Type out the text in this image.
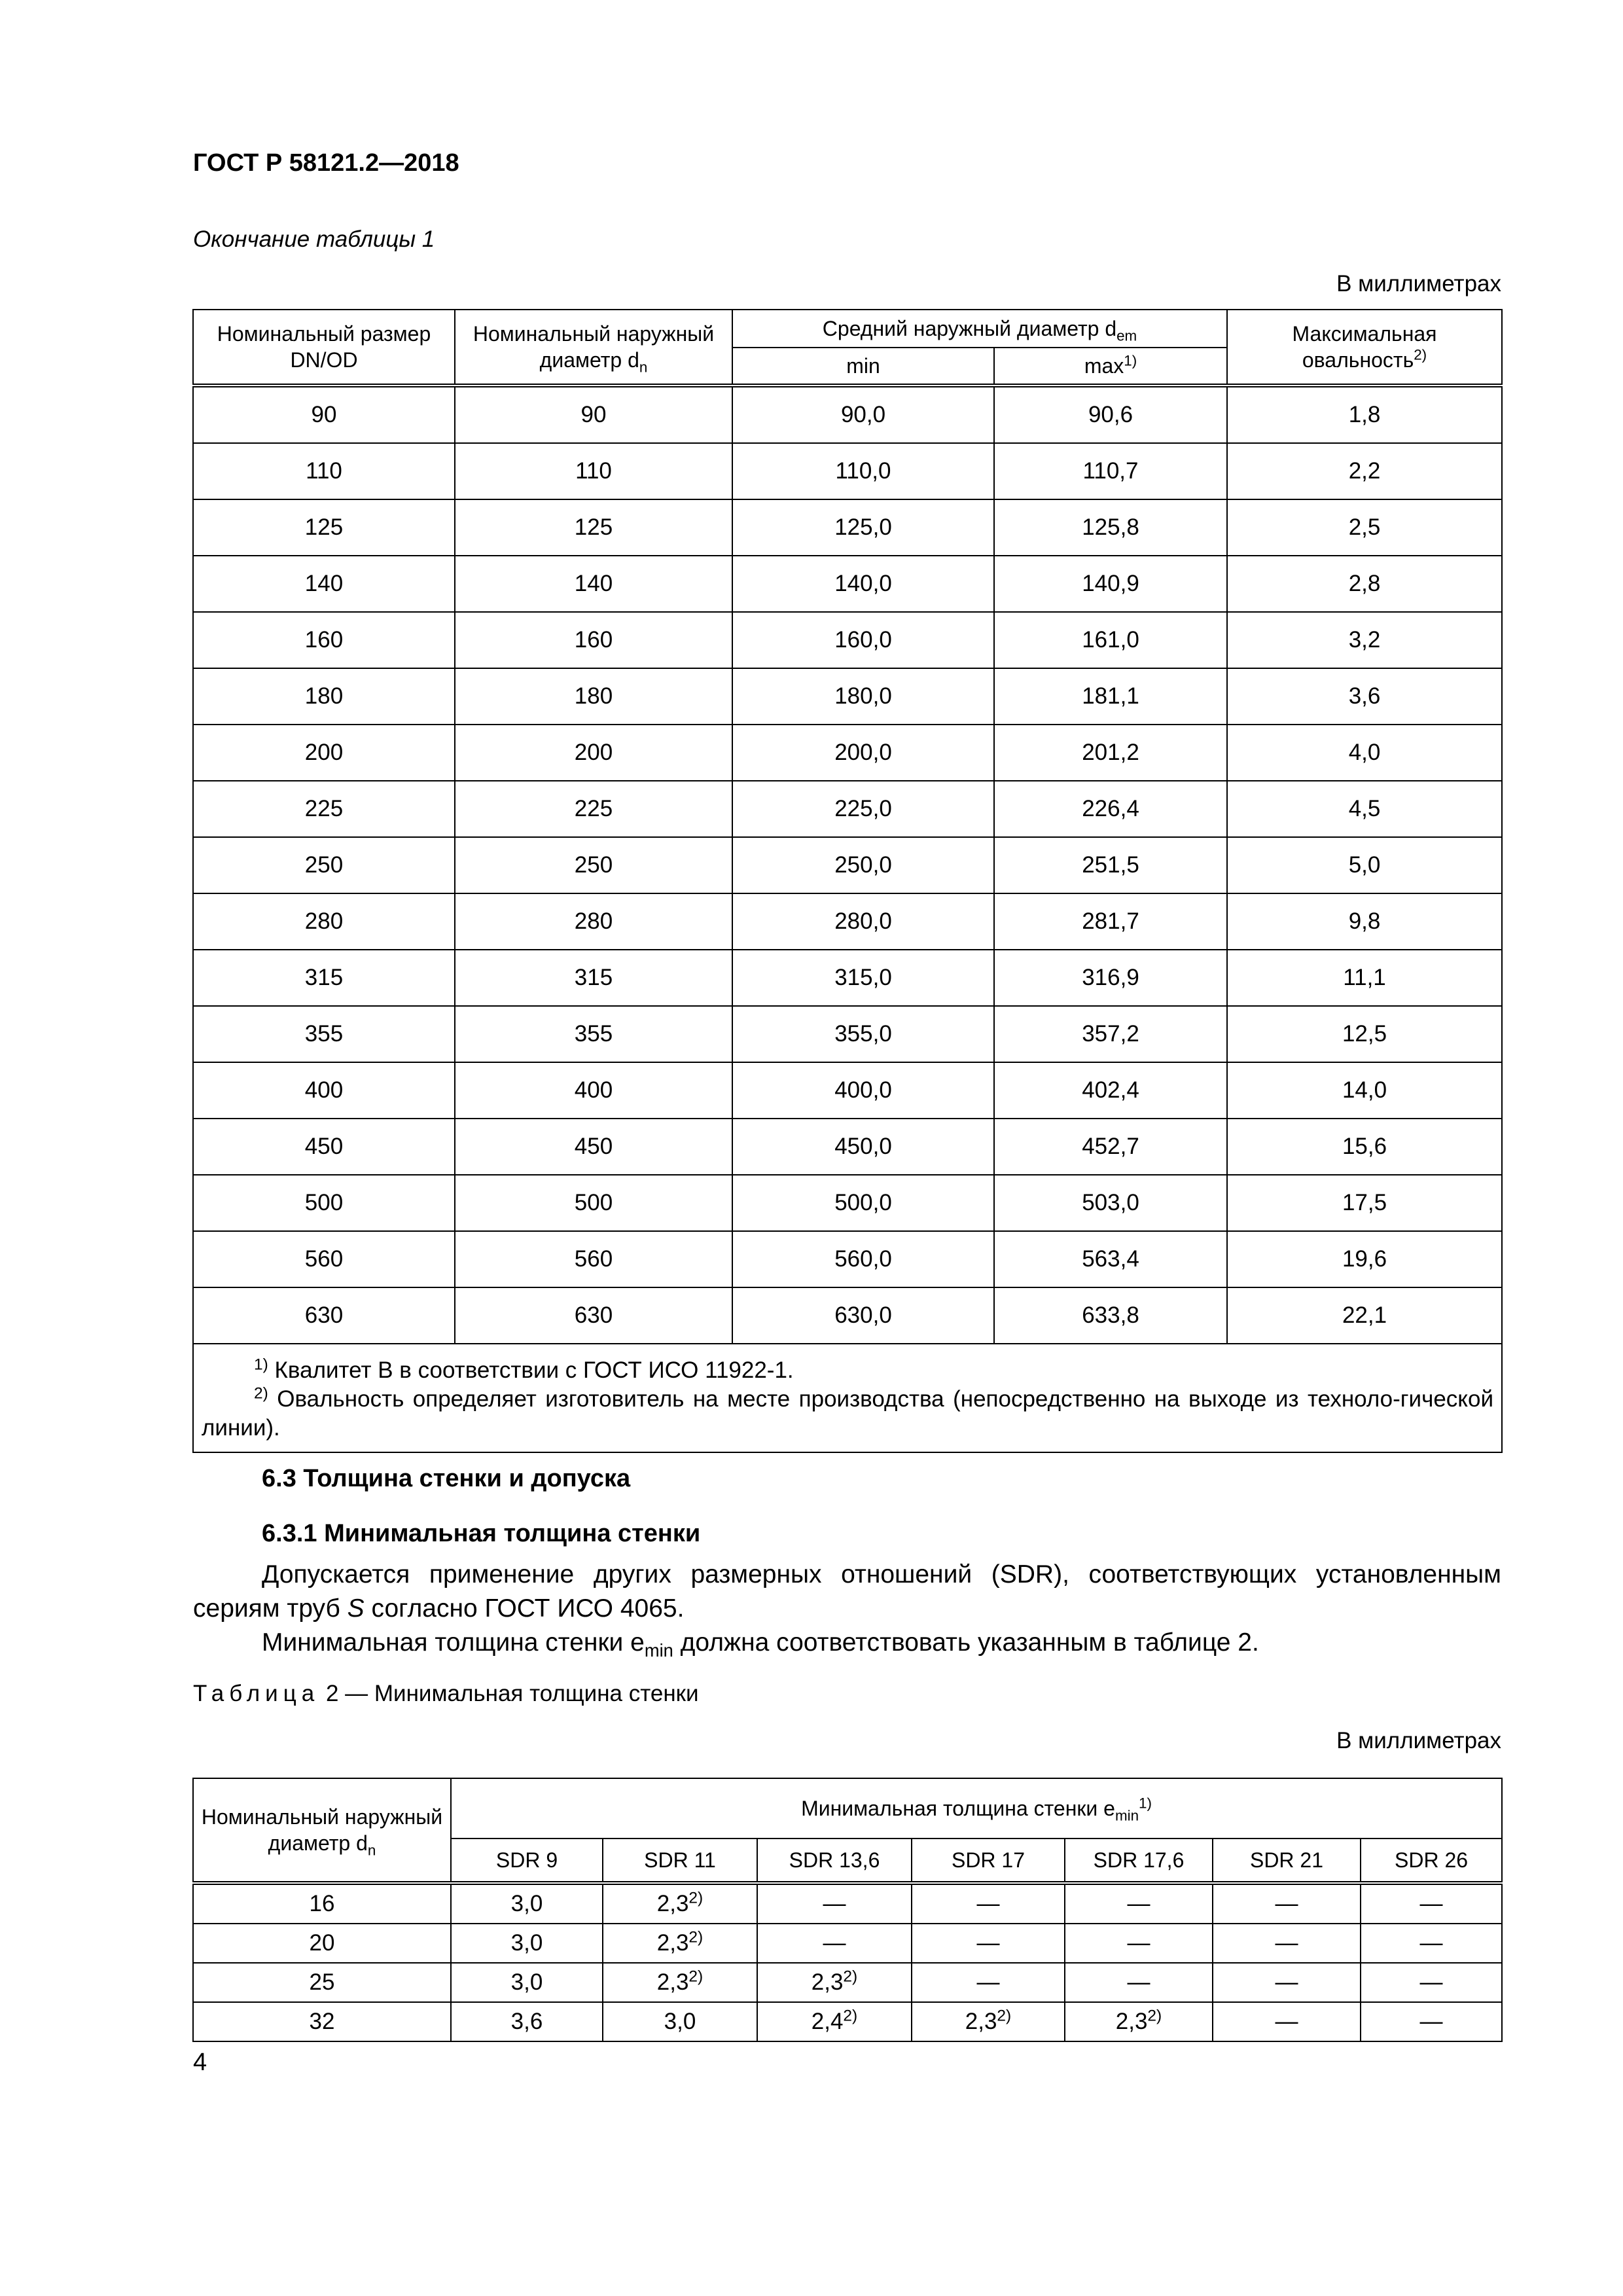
ГОСТ Р 58121.2—2018
Окончание таблицы 1
В миллиметрах
Номинальный размер DN/OD	Номинальный наружный диаметр $d_n$	Средний наружный диаметр $d_{em}$		Максимальная овальность$^{2)}$
		min	$\max^{1)}$
90	90	90,0	90,6	1,8
110	110	110,0	110,7	2,2
125	125	125,0	125,8	2,5
140	140	140,0	140,9	2,8
160	160	160,0	161,0	3,2
180	180	180,0	181,1	3,6
200	200	200,0	201,2	4,0
225	225	225,0	226,4	4,5
250	250	250,0	251,5	5,0
280	280	280,0	281,7	9,8
315	315	315,0	316,9	11,1
355	355	355,0	357,2	12,5
400	400	400,0	402,4	14,0
450	450	450,0	452,7	15,6
500	500	500,0	503,0	17,5
560	560	560,0	563,4	19,6
630	630	630,0	633,8	22,1

$^{1)}$ Квалитет В в соответствии с ГОСТ ИСО 11922-1.
$^{2)}$ Овальность определяет изготовитель на месте производства (непосредственно на выходе из техноло-гической линии).				
6.3 Толщина стенки и допуска
6.3.1 Минимальная толщина стенки
Допускается применение других размерных отношений (SDR), соответствующих установленным сериям труб S согласно ГОСТ ИСО 4065.
Минимальная толщина стенки $e_{min}$ должна соответствовать указанным в таблице 2.
Таблица 2 — Минимальная толщина стенки
В миллиметрах
Номинальный наружный диаметр $d_n$	Минимальная толщина стенки $e_{min}^{1)}$
	SDR 9	SDR 11	SDR 13,6	SDR 17	SDR 17,6	SDR 21	SDR 26
16	3,0	2,3$^{2)}$	—	—	—	—	—
20	3,0	2,3$^{2)}$	—	—	—	—	—
25	3,0	2,3$^{2)}$	2,3$^{2)}$	—	—	—	—
32	3,6	3,0	2,4$^{2)}$	2,3$^{2)}$	2,3$^{2)}$	—	—
4
